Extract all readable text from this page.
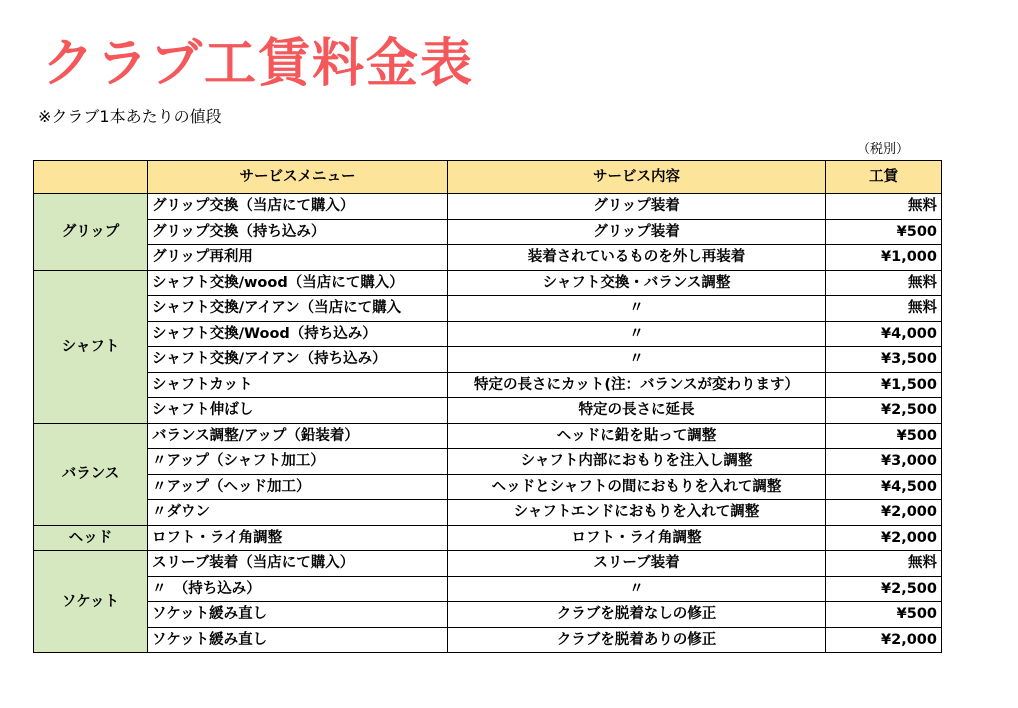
クラブ工賃料金表
※クラブ1本あたりの値段
（税別）
	サービスメニュー	サービス内容	工賃
グリップ	グリップ交換（当店にて購入）	グリップ装着	無料
	グリップ交換（持ち込み）	グリップ装着	¥500
	グリップ再利用	装着されているものを外し再装着	¥1,000
シャフト	シャフト交換/wood（当店にて購入）	シャフト交換・バランス調整	無料
	シャフト交換/アイアン（当店にて購入	〃	無料
	シャフト交換/Wood（持ち込み）	〃	¥4,000
	シャフト交換/アイアン（持ち込み）	〃	¥3,500
	シャフトカット	特定の長さにカット(注：バランスが変わります）	¥1,500
	シャフト伸ばし	特定の長さに延長	¥2,500
バランス	バランス調整/アップ（鉛装着）	ヘッドに鉛を貼って調整	¥500
	〃アップ（シャフト加工）	シャフト内部におもりを注入し調整	¥3,000
	〃アップ（ヘッド加工）	ヘッドとシャフトの間におもりを入れて調整	¥4,500
	〃ダウン	シャフトエンドにおもりを入れて調整	¥2,000
ヘッド	ロフト・ライ角調整	ロフト・ライ角調整	¥2,000
ソケット	スリーブ装着（当店にて購入）	スリーブ装着	無料
	〃　（持ち込み）	〃	¥2,500
	ソケット緩み直し	クラブを脱着なしの修正	¥500
	ソケット緩み直し	クラブを脱着ありの修正	¥2,000
